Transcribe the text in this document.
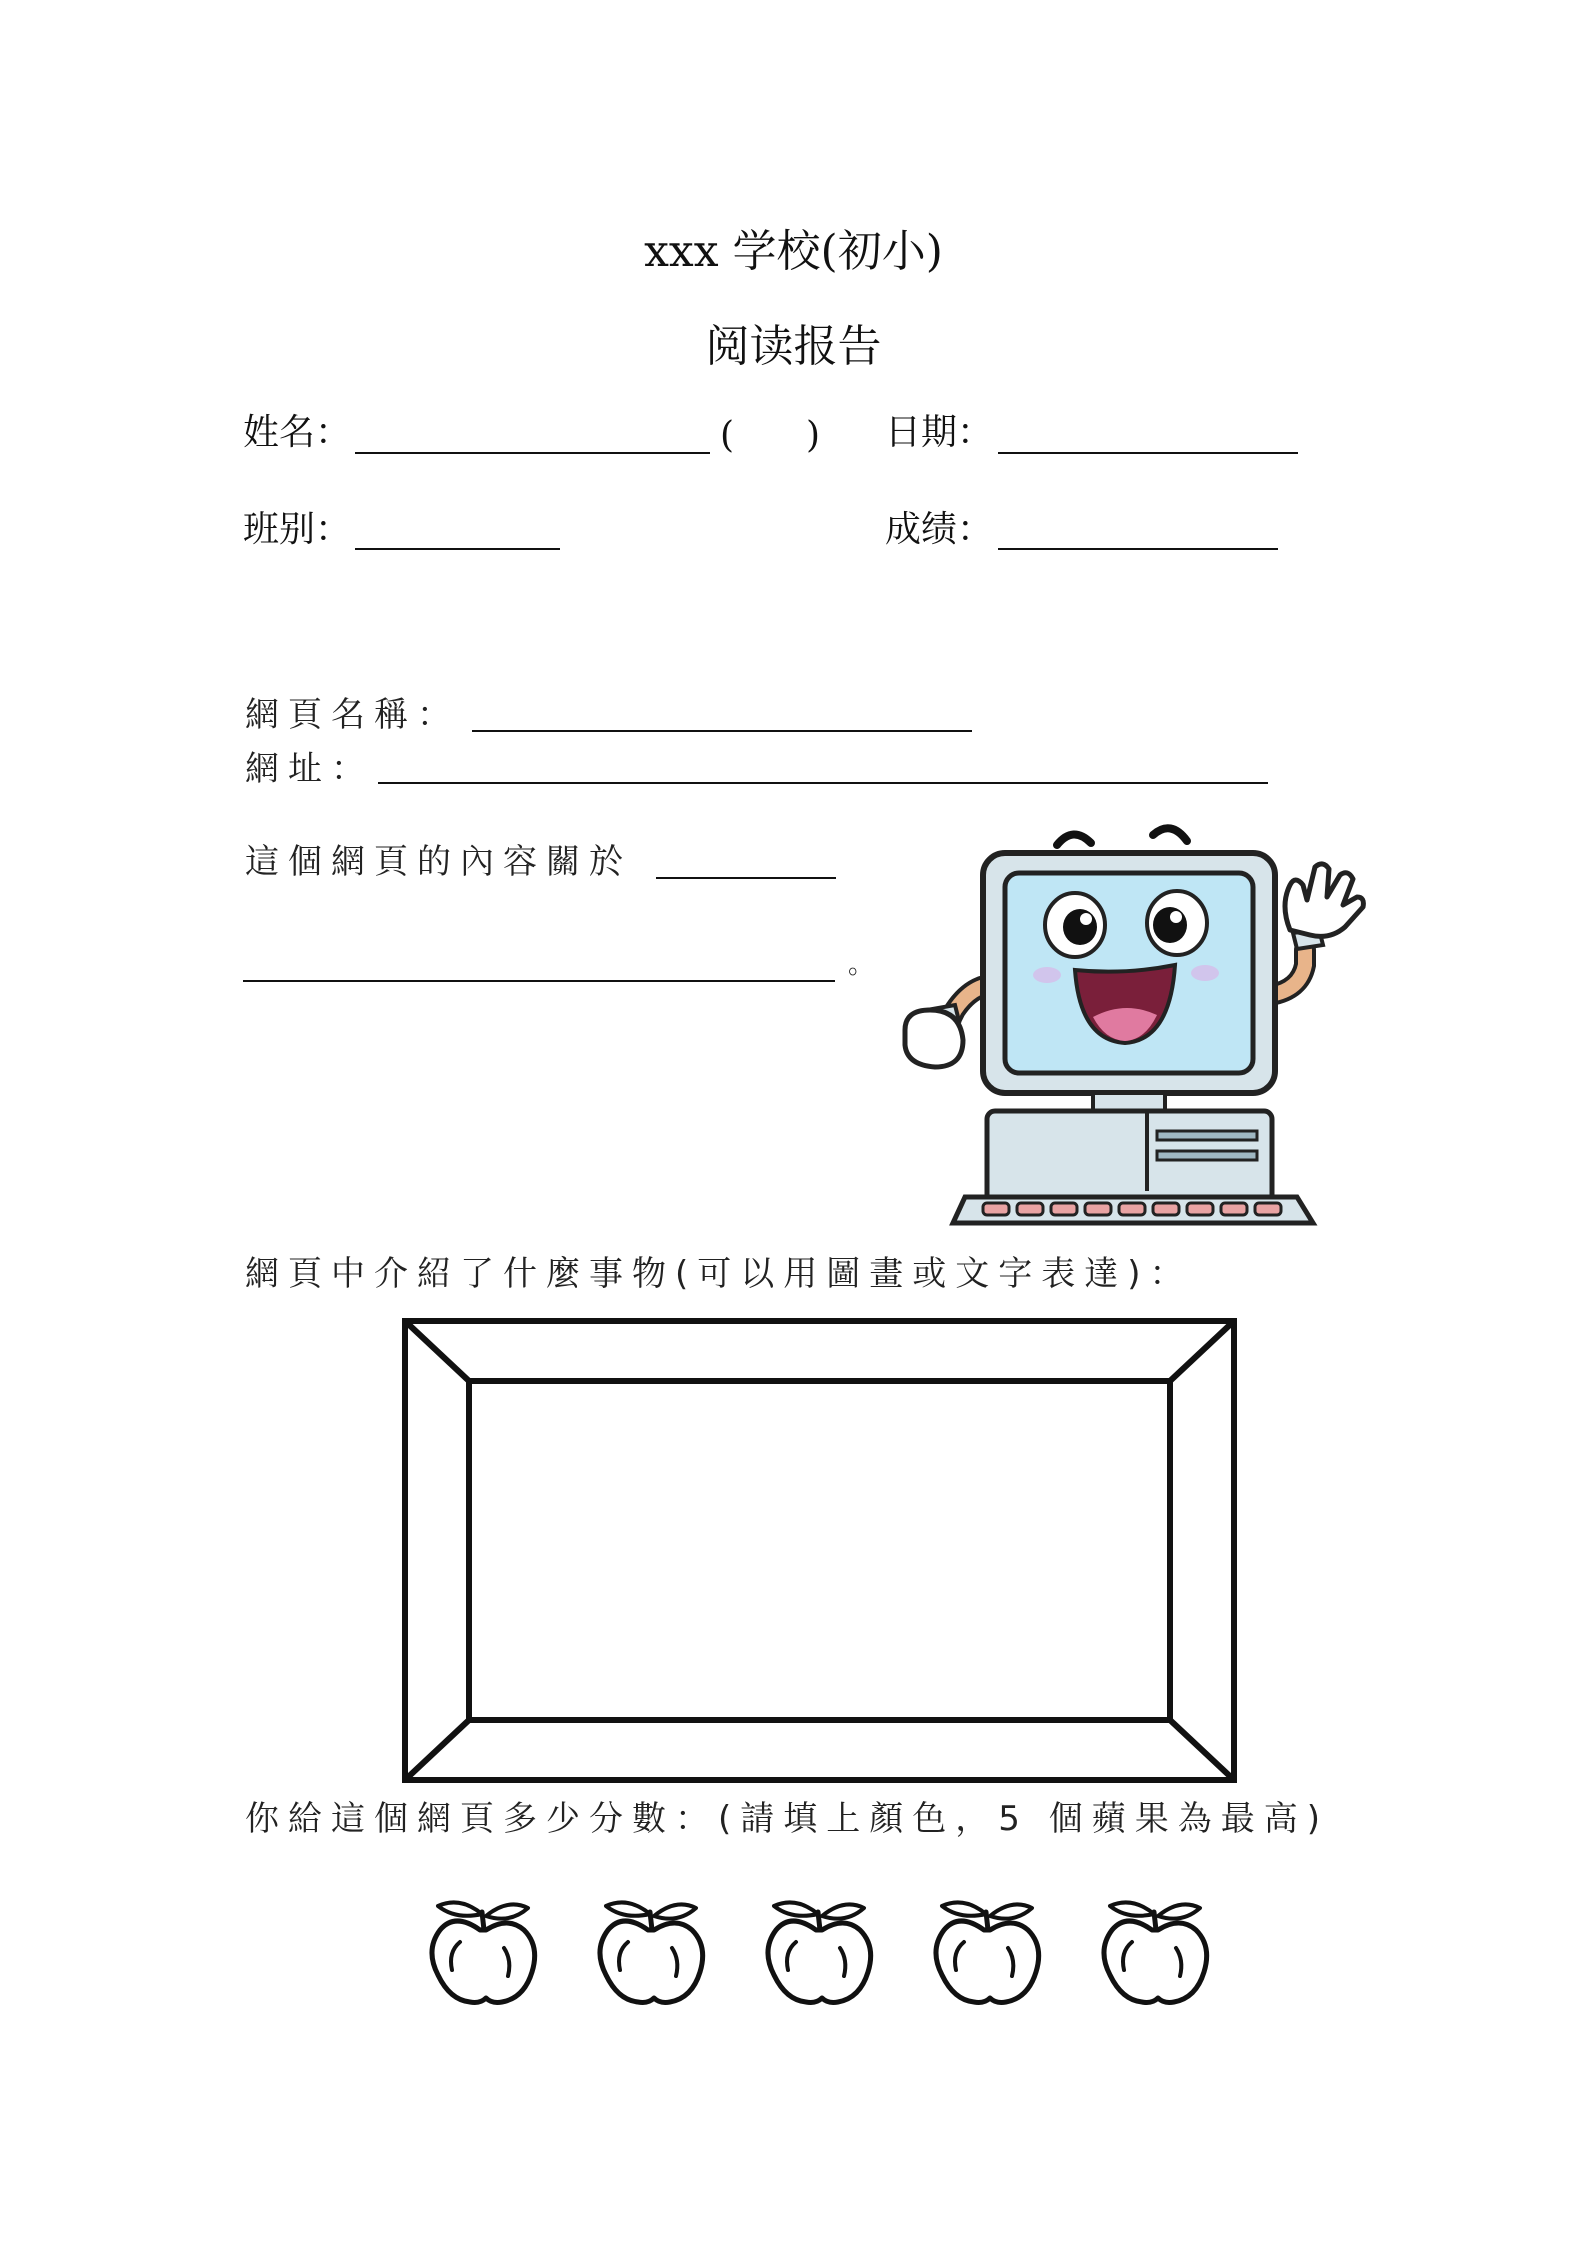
xxx 学校(初小)
阅读报告
姓名：	( ) 日期：
班别：	成绩：
網頁名稱：
網址：
這個網頁的內容關於
。
網頁中介紹了什麼事物(可以用圖畫或文字表達)：
你給這個網頁多少分數：(請填上顏色，5 個蘋果為最高)
